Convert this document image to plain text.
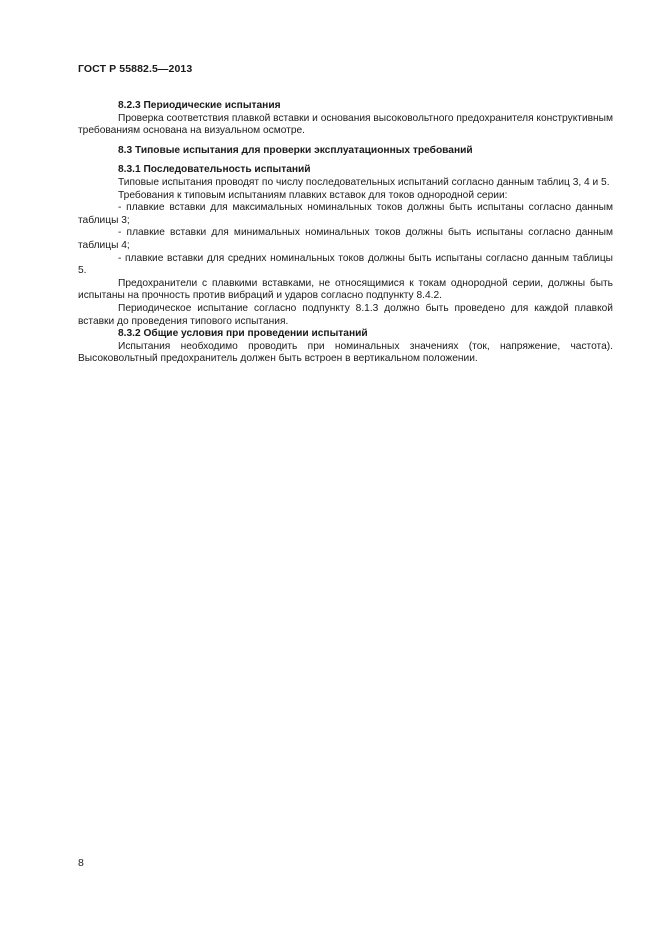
ГОСТ Р 55882.5—2013

8.2.3 Периодические испытания

Проверка соответствия плавкой вставки и основания высоковольтного предохранителя конструктивным требованиям основана на визуальном осмотре.

8.3 Типовые испытания для проверки эксплуатационных требований

8.3.1 Последовательность испытаний

Типовые испытания проводят по числу последовательных испытаний согласно данным таблиц 3, 4 и 5.

Требования к типовым испытаниям плавких вставок для токов однородной серии:

- плавкие вставки для максимальных номинальных токов должны быть испытаны согласно данным таблицы 3;

- плавкие вставки для минимальных номинальных токов должны быть испытаны согласно данным таблицы 4;

- плавкие вставки для средних номинальных токов должны быть испытаны согласно данным таблицы 5.

Предохранители с плавкими вставками, не относящимися к токам однородной серии, должны быть испытаны на прочность против вибраций и ударов согласно подпункту 8.4.2.

Периодическое испытание согласно подпункту 8.1.3 должно быть проведено для каждой плавкой вставки до проведения типового испытания.

8.3.2 Общие условия при проведении испытаний

Испытания необходимо проводить при номинальных значениях (ток, напряжение, частота). Высоковольтный предохранитель должен быть встроен в вертикальном положении.

8
